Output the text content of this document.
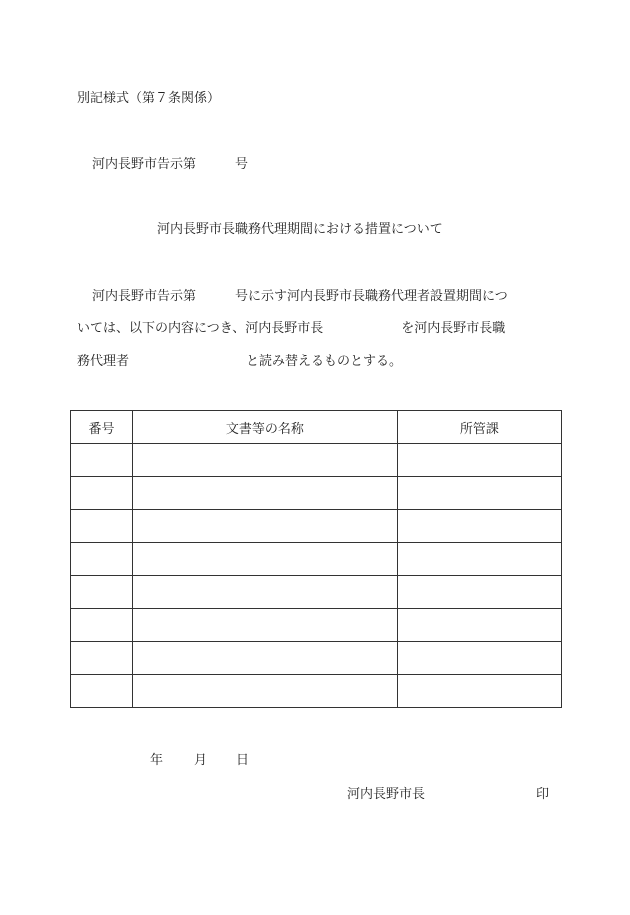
別記様式（第７条関係）
河内長野市告示第　　　号
河内長野市長職務代理期間における措置について
河内長野市告示第　　　号に示す河内長野市長職務代理者設置期間につ
いては、以下の内容につき、河内長野市長　　　　　　を河内長野市長職
務代理者　　　　　　　　　と読み替えるものとする。
番号	文書等の名称	所管課

年 月 日
河内長野市長	印
